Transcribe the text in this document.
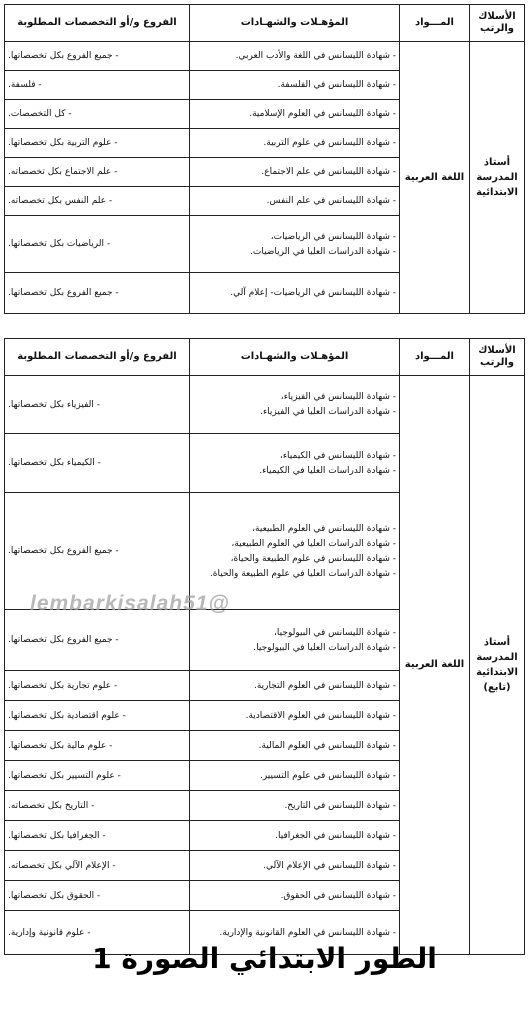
الأسلاك والرتب	المـــواد	المؤهـلات والشهـادات	الفروع و/أو التخصصات المطلوبة
أستاذ المدرسة الابتدائية	اللغة العربية	- شهادة الليسانس في اللغة والأدب العربي.	- جميع الفروع بكل تخصصاتها.

		- شهادة الليسانس في الفلسفة.	- فلسفة.

		- شهادة الليسانس في العلوم الإسلامية.	- كل التخصصات.

		- شهادة الليسانس في علوم التربية.	- علوم التربية بكل تخصصاتها.

		- شهادة الليسانس في علم الاجتماع.	- علم الاجتماع بكل تخصصاته.

		- شهادة الليسانس في علم النفس.	- علم النفس بكل تخصصاته.

		- شهادة الليسانس في الرياضيات،
- شهادة الدراسات العليا في الرياضيات.	- الرياضيات بكل تخصصاتها.

		- شهادة الليسانس في الرياضيات- إعلام آلي.	- جميع الفروع بكل تخصصاتها.
الأسلاك والرتب	المـــواد	المؤهـلات والشهـادات	الفروع و/أو التخصصات المطلوبة
أستاذ المدرسة الابتدائية (تابع)	اللغة العربية	- شهادة الليسانس في الفيزياء،
- شهادة الدراسات العليا في الفيزياء.	- الفيزياء بكل تخصصاتها.

		- شهادة الليسانس في الكيمياء،
- شهادة الدراسات العليا في الكيمياء.	- الكيمياء بكل تخصصاتها.

		- شهادة الليسانس في العلوم الطبيعية،
- شهادة الدراسات العليا في العلوم الطبيعية،
- شهادة الليسانس في علوم الطبيعة والحياة،
- شهادة الدراسات العليا في علوم الطبيعة والحياة.	- جميع الفروع بكل تخصصاتها.

		- شهادة الليسانس في البيولوجيا،
- شهادة الدراسات العليا في البيولوجيا.	- جميع الفروع بكل تخصصاتها.

		- شهادة الليسانس في العلوم التجارية.	- علوم تجارية بكل تخصصاتها.

		- شهادة الليسانس في العلوم الاقتصادية.	- علوم اقتصادية بكل تخصصاتها.

		- شهادة الليسانس في العلوم المالية.	- علوم مالية بكل تخصصاتها.

		- شهادة الليسانس في علوم التسيير.	- علوم التسيير بكل تخصصاتها.

		- شهادة الليسانس في التاريخ.	- التاريخ بكل تخصصاته.

		- شهادة الليسانس في الجغرافيا.	- الجغرافيا بكل تخصصاتها.

		- شهادة الليسانس في الإعلام الآلي.	- الإعلام الآلي بكل تخصصاته.

		- شهادة الليسانس في الحقوق.	- الحقوق بكل تخصصاتها.

		- شهادة الليسانس في العلوم القانونية والإدارية.	- علوم قانونية وإدارية.
lembarkisalah51@
الطور الابتدائي الصورة 1
